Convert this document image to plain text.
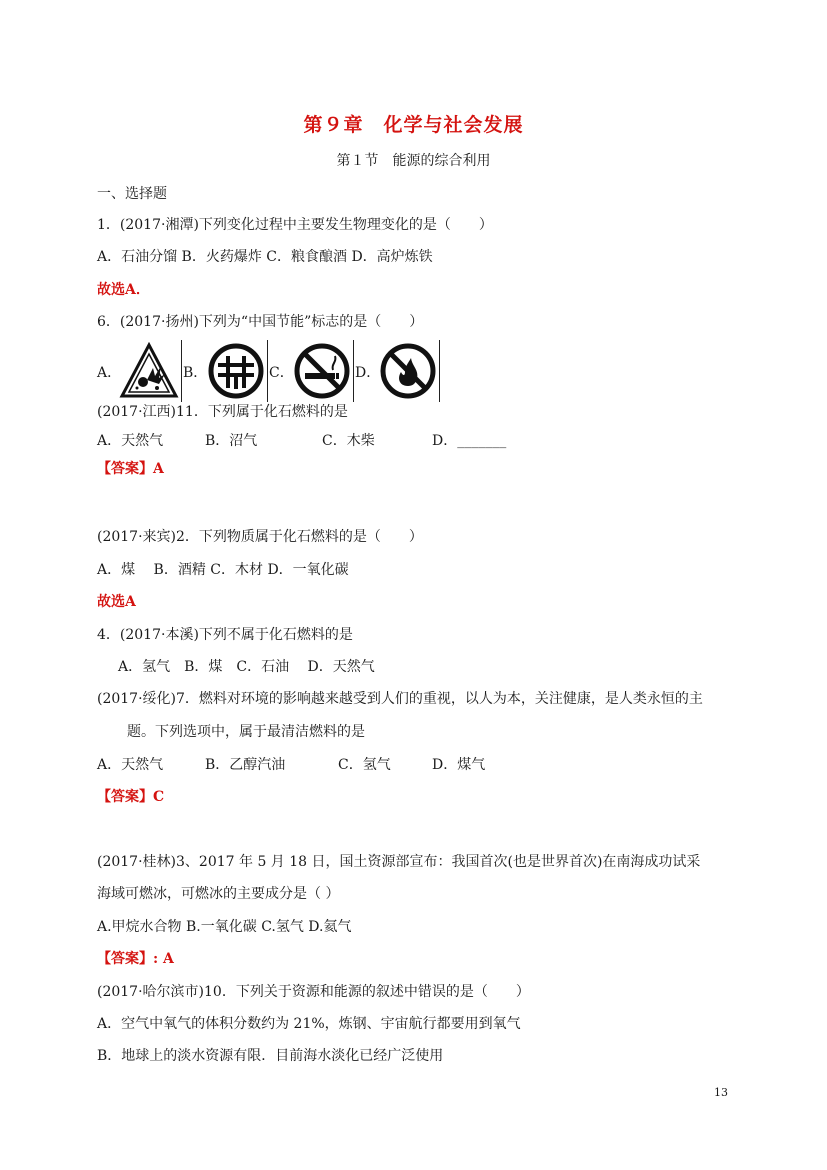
第９章　化学与社会发展
第１节　能源的综合利用
一、选择题
1．(2017·湘潭)下列变化过程中主要发生物理变化的是（　　）
A．石油分馏 B．火药爆炸 C．粮食酿酒 D．高炉炼铁
故选A．
6．(2017·扬州)下列为“中国节能”标志的是（　　）
A．	B．	C．	D．
(2017·江西)11．下列属于化石燃料的是
A．天然气	B．沼气	C．木柴	D．_______
【答案】A
(2017·来宾)2．下列物质属于化石燃料的是（　　）
A．煤　 B．酒精 C．木材 D．一氧化碳
故选A
4．(2017·本溪)下列不属于化石燃料的是
A．氢气　B．煤　C．石油　 D．天然气
(2017·绥化)7．燃料对环境的影响越来越受到人们的重视，以人为本，关注健康，是人类永恒的主
题。下列选项中，属于最清洁燃料的是
A．天然气	B．乙醇汽油	C．氢气	D．煤气
【答案】C
(2017·桂林)3、2017 年 5 月 18 日，国土资源部宣布：我国首次(也是世界首次)在南海成功试采
海域可燃冰，可燃冰的主要成分是（ ）
A.甲烷水合物 B.一氧化碳 C.氢气 D.氦气
【答案】: A
(2017·哈尔滨市)10．下列关于资源和能源的叙述中错误的是（　　）
A．空气中氧气的体积分数约为 21%，炼钢、宇宙航行都要用到氧气
B．地球上的淡水资源有限．目前海水淡化已经广泛使用
13
